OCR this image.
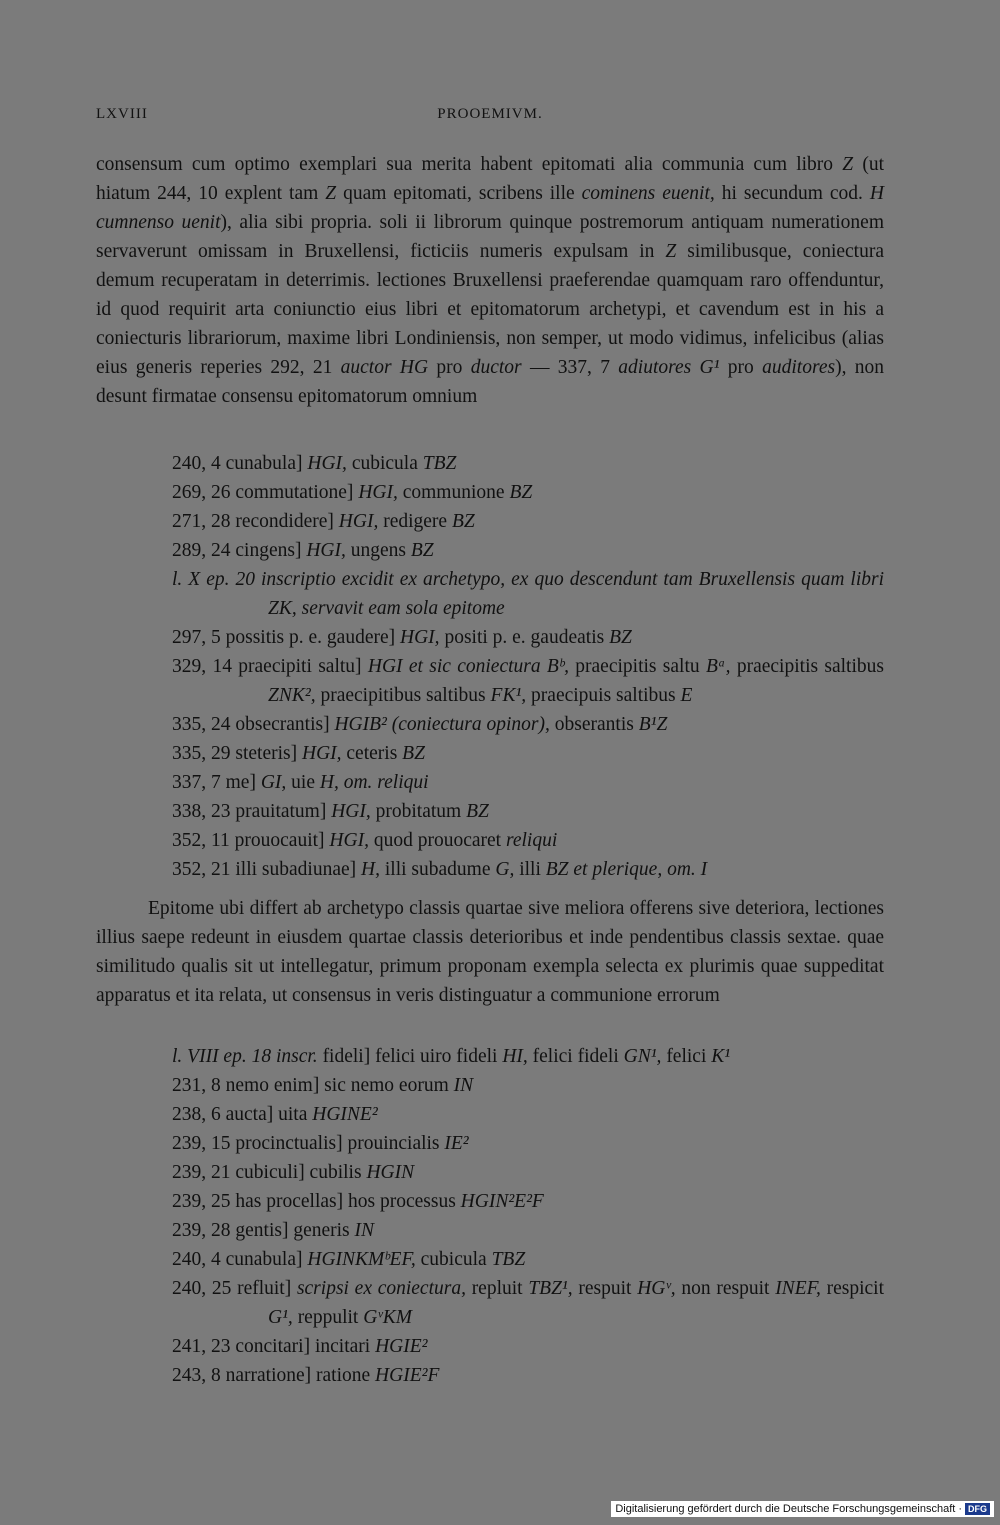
LXVIII	PROOEMIVM.
consensum cum optimo exemplari sua merita habent epitomati alia communia cum libro Z (ut hiatum 244, 10 explent tam Z quam epitomati, scribens ille cominens euenit, hi secundum cod. H cumnenso uenit), alia sibi propria. soli ii librorum quinque postremorum antiquam numerationem servaverunt omissam in Bruxellensi, ficticiis numeris expulsam in Z similibusque, coniectura demum recuperatam in deterrimis. lectiones Bruxellensi praeferendae quamquam raro offenduntur, id quod requirit arta coniunctio eius libri et epitomatorum archetypi, et cavendum est in his a coniecturis librariorum, maxime libri Londiniensis, non semper, ut modo vidimus, infelicibus (alias eius generis reperies 292, 21 auctor HG pro ductor — 337, 7 adiutores G¹ pro auditores), non desunt firmatae consensu epitomatorum omnium
240, 4 cunabula] HGI, cubicula TBZ
269, 26 commutatione] HGI, communione BZ
271, 28 recondidere] HGI, redigere BZ
289, 24 cingens] HGI, ungens BZ
l. X ep. 20 inscriptio excidit ex archetypo, ex quo descendunt tam Bruxellensis quam libri ZK, servavit eam sola epitome
297, 5 possitis p. e. gaudere] HGI, positi p. e. gaudeatis BZ
329, 14 praecipiti saltu] HGI et sic coniectura Bᵇ, praecipitis saltu Bᵃ, praecipitis saltibus ZNK², praecipitibus saltibus FK¹, praecipuis saltibus E
335, 24 obsecrantis] HGIB² (coniectura opinor), obserantis B¹Z
335, 29 steteris] HGI, ceteris BZ
337, 7 me] GI, uie H, om. reliqui
338, 23 prauitatum] HGI, probitatum BZ
352, 11 prouocauit] HGI, quod prouocaret reliqui
352, 21 illi subadiunae] H, illi subadume G, illi BZ et plerique, om. I
Epitome ubi differt ab archetypo classis quartae sive meliora offerens sive deteriora, lectiones illius saepe redeunt in eiusdem quartae classis deterioribus et inde pendentibus classis sextae. quae similitudo qualis sit ut intellegatur, primum proponam exempla selecta ex plurimis quae suppeditat apparatus et ita relata, ut consensus in veris distinguatur a communione errorum
l. VIII ep. 18 inscr. fideli] felici uiro fideli HI, felici fideli GN¹, felici K¹
231, 8 nemo enim] sic nemo eorum IN
238, 6 aucta] uita HGINE²
239, 15 procinctualis] prouincialis IE²
239, 21 cubiculi] cubilis HGIN
239, 25 has procellas] hos processus HGIN²E²F
239, 28 gentis] generis IN
240, 4 cunabula] HGINKMᵇEF, cubicula TBZ
240, 25 refluit] scripsi ex coniectura, repluit TBZ¹, respuit HGᵛ, non respuit INEF, respicit G¹, reppulit GᵛKM
241, 23 concitari] incitari HGIE²
243, 8 narratione] ratione HGIE²F
Digitalisierung gefördert durch die Deutsche Forschungsgemeinschaft · DFG
